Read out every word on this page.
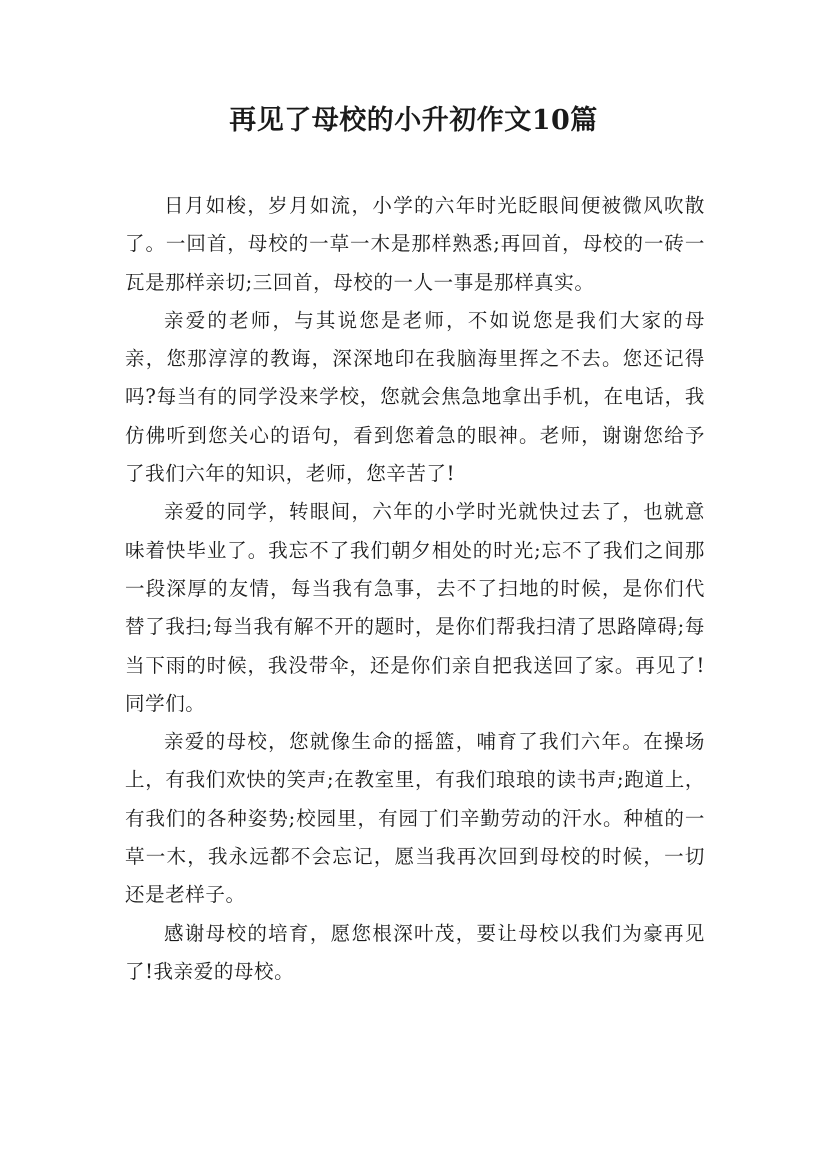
再见了母校的小升初作文10篇

日月如梭，岁月如流，小学的六年时光眨眼间便被微风吹散了。一回首，母校的一草一木是那样熟悉;再回首，母校的一砖一瓦是那样亲切;三回首，母校的一人一事是那样真实。

亲爱的老师，与其说您是老师，不如说您是我们大家的母亲，您那淳淳的教诲，深深地印在我脑海里挥之不去。您还记得吗?每当有的同学没来学校，您就会焦急地拿出手机，在电话，我仿佛听到您关心的语句，看到您着急的眼神。老师，谢谢您给予了我们六年的知识，老师，您辛苦了!

亲爱的同学，转眼间，六年的小学时光就快过去了，也就意味着快毕业了。我忘不了我们朝夕相处的时光;忘不了我们之间那一段深厚的友情，每当我有急事，去不了扫地的时候，是你们代替了我扫;每当我有解不开的题时，是你们帮我扫清了思路障碍;每当下雨的时候，我没带伞，还是你们亲自把我送回了家。再见了!同学们。

亲爱的母校，您就像生命的摇篮，哺育了我们六年。在操场上，有我们欢快的笑声;在教室里，有我们琅琅的读书声;跑道上，有我们的各种姿势;校园里，有园丁们辛勤劳动的汗水。种植的一草一木，我永远都不会忘记，愿当我再次回到母校的时候，一切还是老样子。

感谢母校的培育，愿您根深叶茂，要让母校以我们为豪再见了!我亲爱的母校。
